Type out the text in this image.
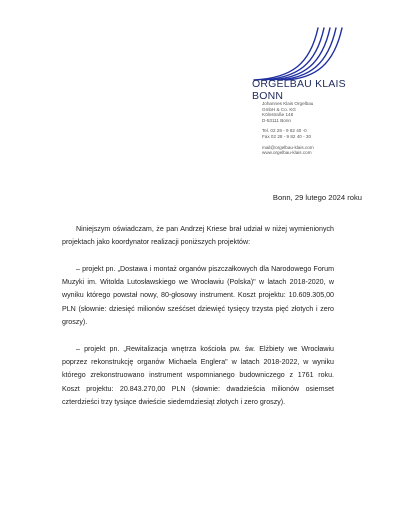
ORGELBAU KLAIS BONN
Johannes Klais Orgelbau
GmbH & Co. KG
Kölnstraße 148
D-53111 Bonn
Tel. 02 28 - 9 82 40 -0
Fax 02 28 - 9 82 40 - 30
mail@orgelbau-klais.com
www.orgelbau-klais.com
Bonn, 29 lutego 2024 roku

Niniejszym oświadczam, że pan Andrzej Kriese brał udział w niżej wymienionych projektach jako koordynator realizacji poniższych projektów:

– projekt pn. „Dostawa i montaż organów piszczałkowych dla Narodowego Forum Muzyki im. Witolda Lutosławskiego we Wrocławiu (Polska)" w latach 2018-2020, w wyniku którego powstał nowy, 80-głosowy instrument. Koszt projektu: 10.609.305,00 PLN (słownie: dziesięć milionów sześćset dziewięć tysięcy trzysta pięć złotych i zero groszy).

– projekt pn. „Rewitalizacja wnętrza kościoła pw. św. Elżbiety we Wrocławiu poprzez rekonstrukcję organów Michaela Englera" w latach 2018-2022, w wyniku którego zrekonstruowano instrument wspomnianego budowniczego z 1761 roku. Koszt projektu: 20.843.270,00 PLN (słownie: dwadzieścia milionów osiemset czterdzieści trzy tysiące dwieście siedemdziesiąt złotych i zero groszy).
